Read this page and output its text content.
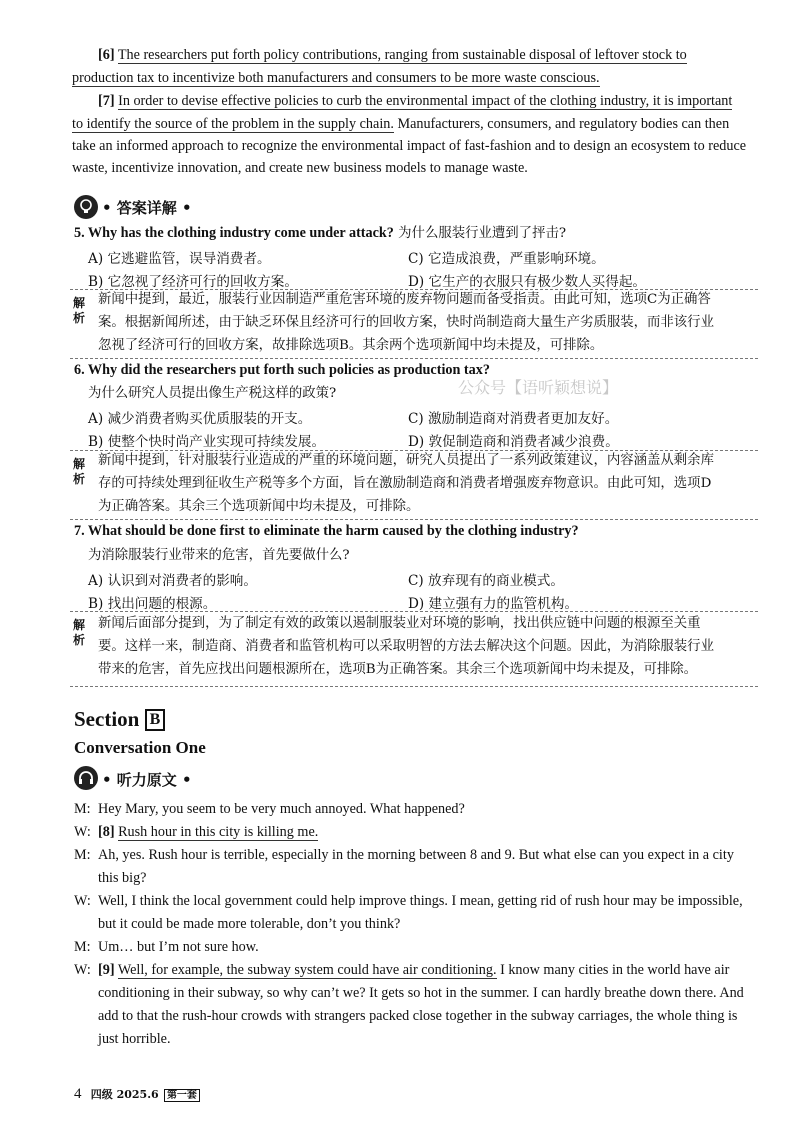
[6] The researchers put forth policy contributions, ranging from sustainable disposal of leftover stock to
production tax to incentivize both manufacturers and consumers to be more waste conscious.
[7] In order to devise effective policies to curb the environmental impact of the clothing industry, it is important
to identify the source of the problem in the supply chain. Manufacturers, consumers, and regulatory bodies can then
take an informed approach to recognize the environmental impact of fast-fashion and to design an ecosystem to reduce
waste, incentivize innovation, and create new business models to manage waste.
• 答案详解 •
5. Why has the clothing industry come under attack? 为什么服装行业遭到了抨击?
A) 它逃避监管，误导消费者。	C) 它造成浪费，严重影响环境。
B) 它忽视了经济可行的回收方案。	D) 它生产的衣服只有极少数人买得起。
解析
新闻中提到，最近，服装行业因制造严重危害环境的废弃物问题而备受指责。由此可知，选项C为正确答
案。根据新闻所述，由于缺乏环保且经济可行的回收方案，快时尚制造商大量生产劣质服装，而非该行业
忽视了经济可行的回收方案，故排除选项B。其余两个选项新闻中均未提及，可排除。
6. Why did the researchers put forth such policies as production tax?
为什么研究人员提出像生产税这样的政策?	公众号【语听颖想说】
A) 减少消费者购买优质服装的开支。	C) 激励制造商对消费者更加友好。
B) 使整个快时尚产业实现可持续发展。	D) 敦促制造商和消费者减少浪费。
解析
新闻中提到，针对服装行业造成的严重的环境问题，研究人员提出了一系列政策建议，内容涵盖从剩余库
存的可持续处理到征收生产税等多个方面，旨在激励制造商和消费者增强废弃物意识。由此可知，选项D
为正确答案。其余三个选项新闻中均未提及，可排除。
7. What should be done first to eliminate the harm caused by the clothing industry?
为消除服装行业带来的危害，首先要做什么?
A) 认识到对消费者的影响。	C) 放弃现有的商业模式。
B) 找出问题的根源。	D) 建立强有力的监管机构。
解析
新闻后面部分提到，为了制定有效的政策以遏制服装业对环境的影响，找出供应链中问题的根源至关重
要。这样一来，制造商、消费者和监管机构可以采取明智的方法去解决这个问题。因此，为消除服装行业
带来的危害，首先应找出问题根源所在，选项B为正确答案。其余三个选项新闻中均未提及，可排除。
Section B
Conversation One
• 听力原文 •
M: Hey Mary, you seem to be very much annoyed. What happened?
W: [8] Rush hour in this city is killing me.
M: Ah, yes. Rush hour is terrible, especially in the morning between 8 and 9. But what else can you expect in a city
this big?
W: Well, I think the local government could help improve things. I mean, getting rid of rush hour may be impossible,
but it could be made more tolerable, don’t you think?
M: Um… but I’m not sure how.
W: [9] Well, for example, the subway system could have air conditioning. I know many cities in the world have air
conditioning in their subway, so why can’t we? It gets so hot in the summer. I can hardly breathe down there. And
add to that the rush-hour crowds with strangers packed close together in the subway carriages, the whole thing is
just horrible.
4 四级 2025.6 第一套
